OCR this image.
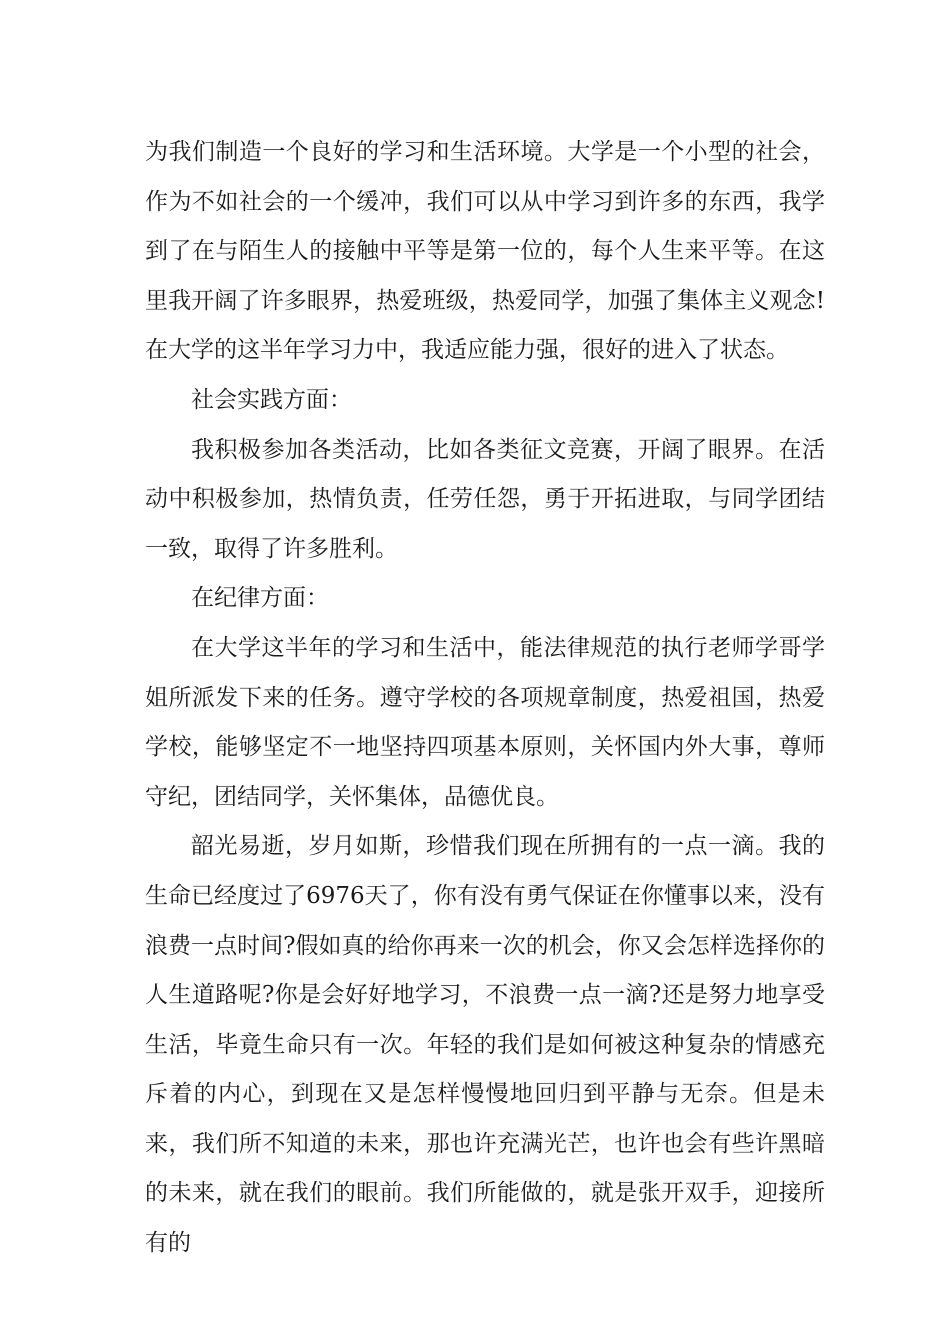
为我们制造一个良好的学习和生活环境。大学是一个小型的社会，作为不如社会的一个缓冲，我们可以从中学习到许多的东西，我学到了在与陌生人的接触中平等是第一位的，每个人生来平等。在这里我开阔了许多眼界，热爱班级，热爱同学，加强了集体主义观念!在大学的这半年学习力中，我适应能力强，很好的进入了状态。

社会实践方面：

我积极参加各类活动，比如各类征文竞赛，开阔了眼界。在活动中积极参加，热情负责，任劳任怨，勇于开拓进取，与同学团结一致，取得了许多胜利。

在纪律方面：

在大学这半年的学习和生活中，能法律规范的执行老师学哥学姐所派发下来的任务。遵守学校的各项规章制度，热爱祖国，热爱学校，能够坚定不一地坚持四项基本原则，关怀国内外大事，尊师守纪，团结同学，关怀集体，品德优良。

韶光易逝，岁月如斯，珍惜我们现在所拥有的一点一滴。我的生命已经度过了6976天了，你有没有勇气保证在你懂事以来，没有浪费一点时间?假如真的给你再来一次的机会，你又会怎样选择你的人生道路呢?你是会好好地学习，不浪费一点一滴?还是努力地享受生活，毕竟生命只有一次。年轻的我们是如何被这种复杂的情感充斥着的内心，到现在又是怎样慢慢地回归到平静与无奈。但是未来，我们所不知道的未来，那也许充满光芒，也许也会有些许黑暗的未来，就在我们的眼前。我们所能做的，就是张开双手，迎接所有的
